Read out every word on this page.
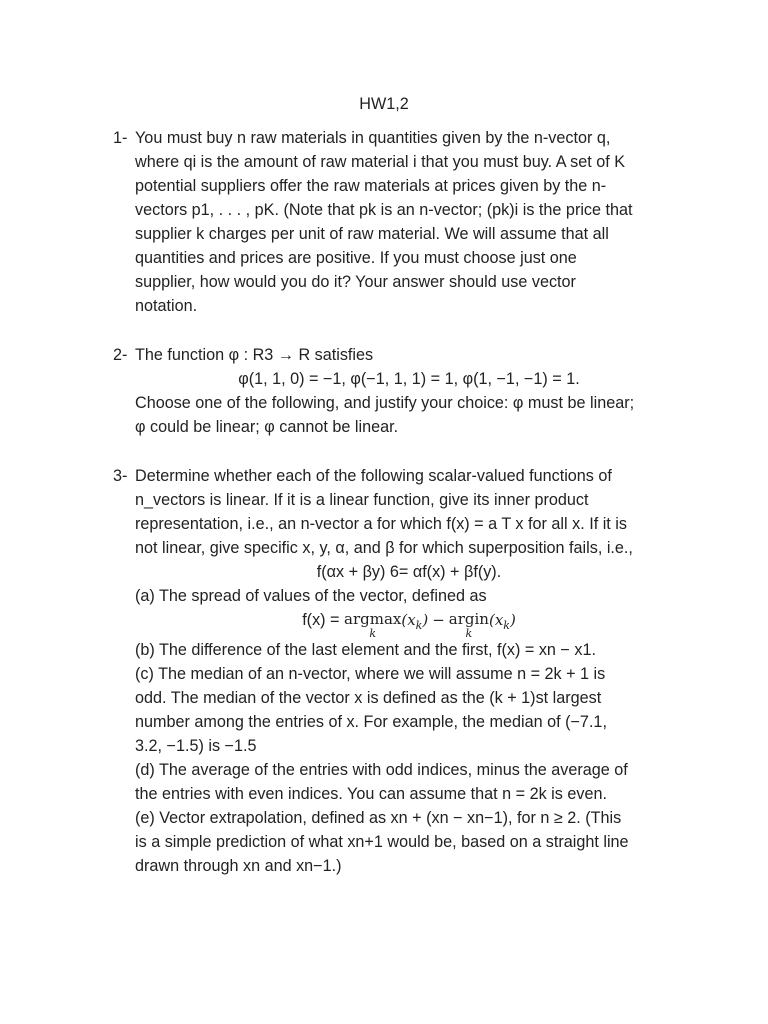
HW1,2
1- You must buy n raw materials in quantities given by the n-vector q,
where qi is the amount of raw material i that you must buy. A set of K
potential suppliers offer the raw materials at prices given by the n-
vectors p1, . . . , pK. (Note that pk is an n-vector; (pk)i is the price that
supplier k charges per unit of raw material. We will assume that all
quantities and prices are positive. If you must choose just one
supplier, how would you do it? Your answer should use vector
notation.
2- The function φ : R3 → R satisfies
φ(1, 1, 0) = −1, φ(−1, 1, 1) = 1, φ(1, −1, −1) = 1.
Choose one of the following, and justify your choice: φ must be linear;
φ could be linear; φ cannot be linear.
3- Determine whether each of the following scalar-valued functions of
n_vectors is linear. If it is a linear function, give its inner product
representation, i.e., an n-vector a for which f(x) = a T x for all x. If it is
not linear, give specific x, y, α, and β for which superposition fails, i.e.,
f(αx + βy) 6= αf(x) + βf(y).
(a) The spread of values of the vector, defined as
f(x) = argmax
k
$(x_k)$ − argin
k
$(x_k)$
(b) The difference of the last element and the first, f(x) = xn − x1.
(c) The median of an n-vector, where we will assume n = 2k + 1 is
odd. The median of the vector x is defined as the (k + 1)st largest
number among the entries of x. For example, the median of (−7.1,
3.2, −1.5) is −1.5
(d) The average of the entries with odd indices, minus the average of
the entries with even indices. You can assume that n = 2k is even.
(e) Vector extrapolation, defined as xn + (xn − xn−1), for n ≥ 2. (This
is a simple prediction of what xn+1 would be, based on a straight line
drawn through xn and xn−1.)
